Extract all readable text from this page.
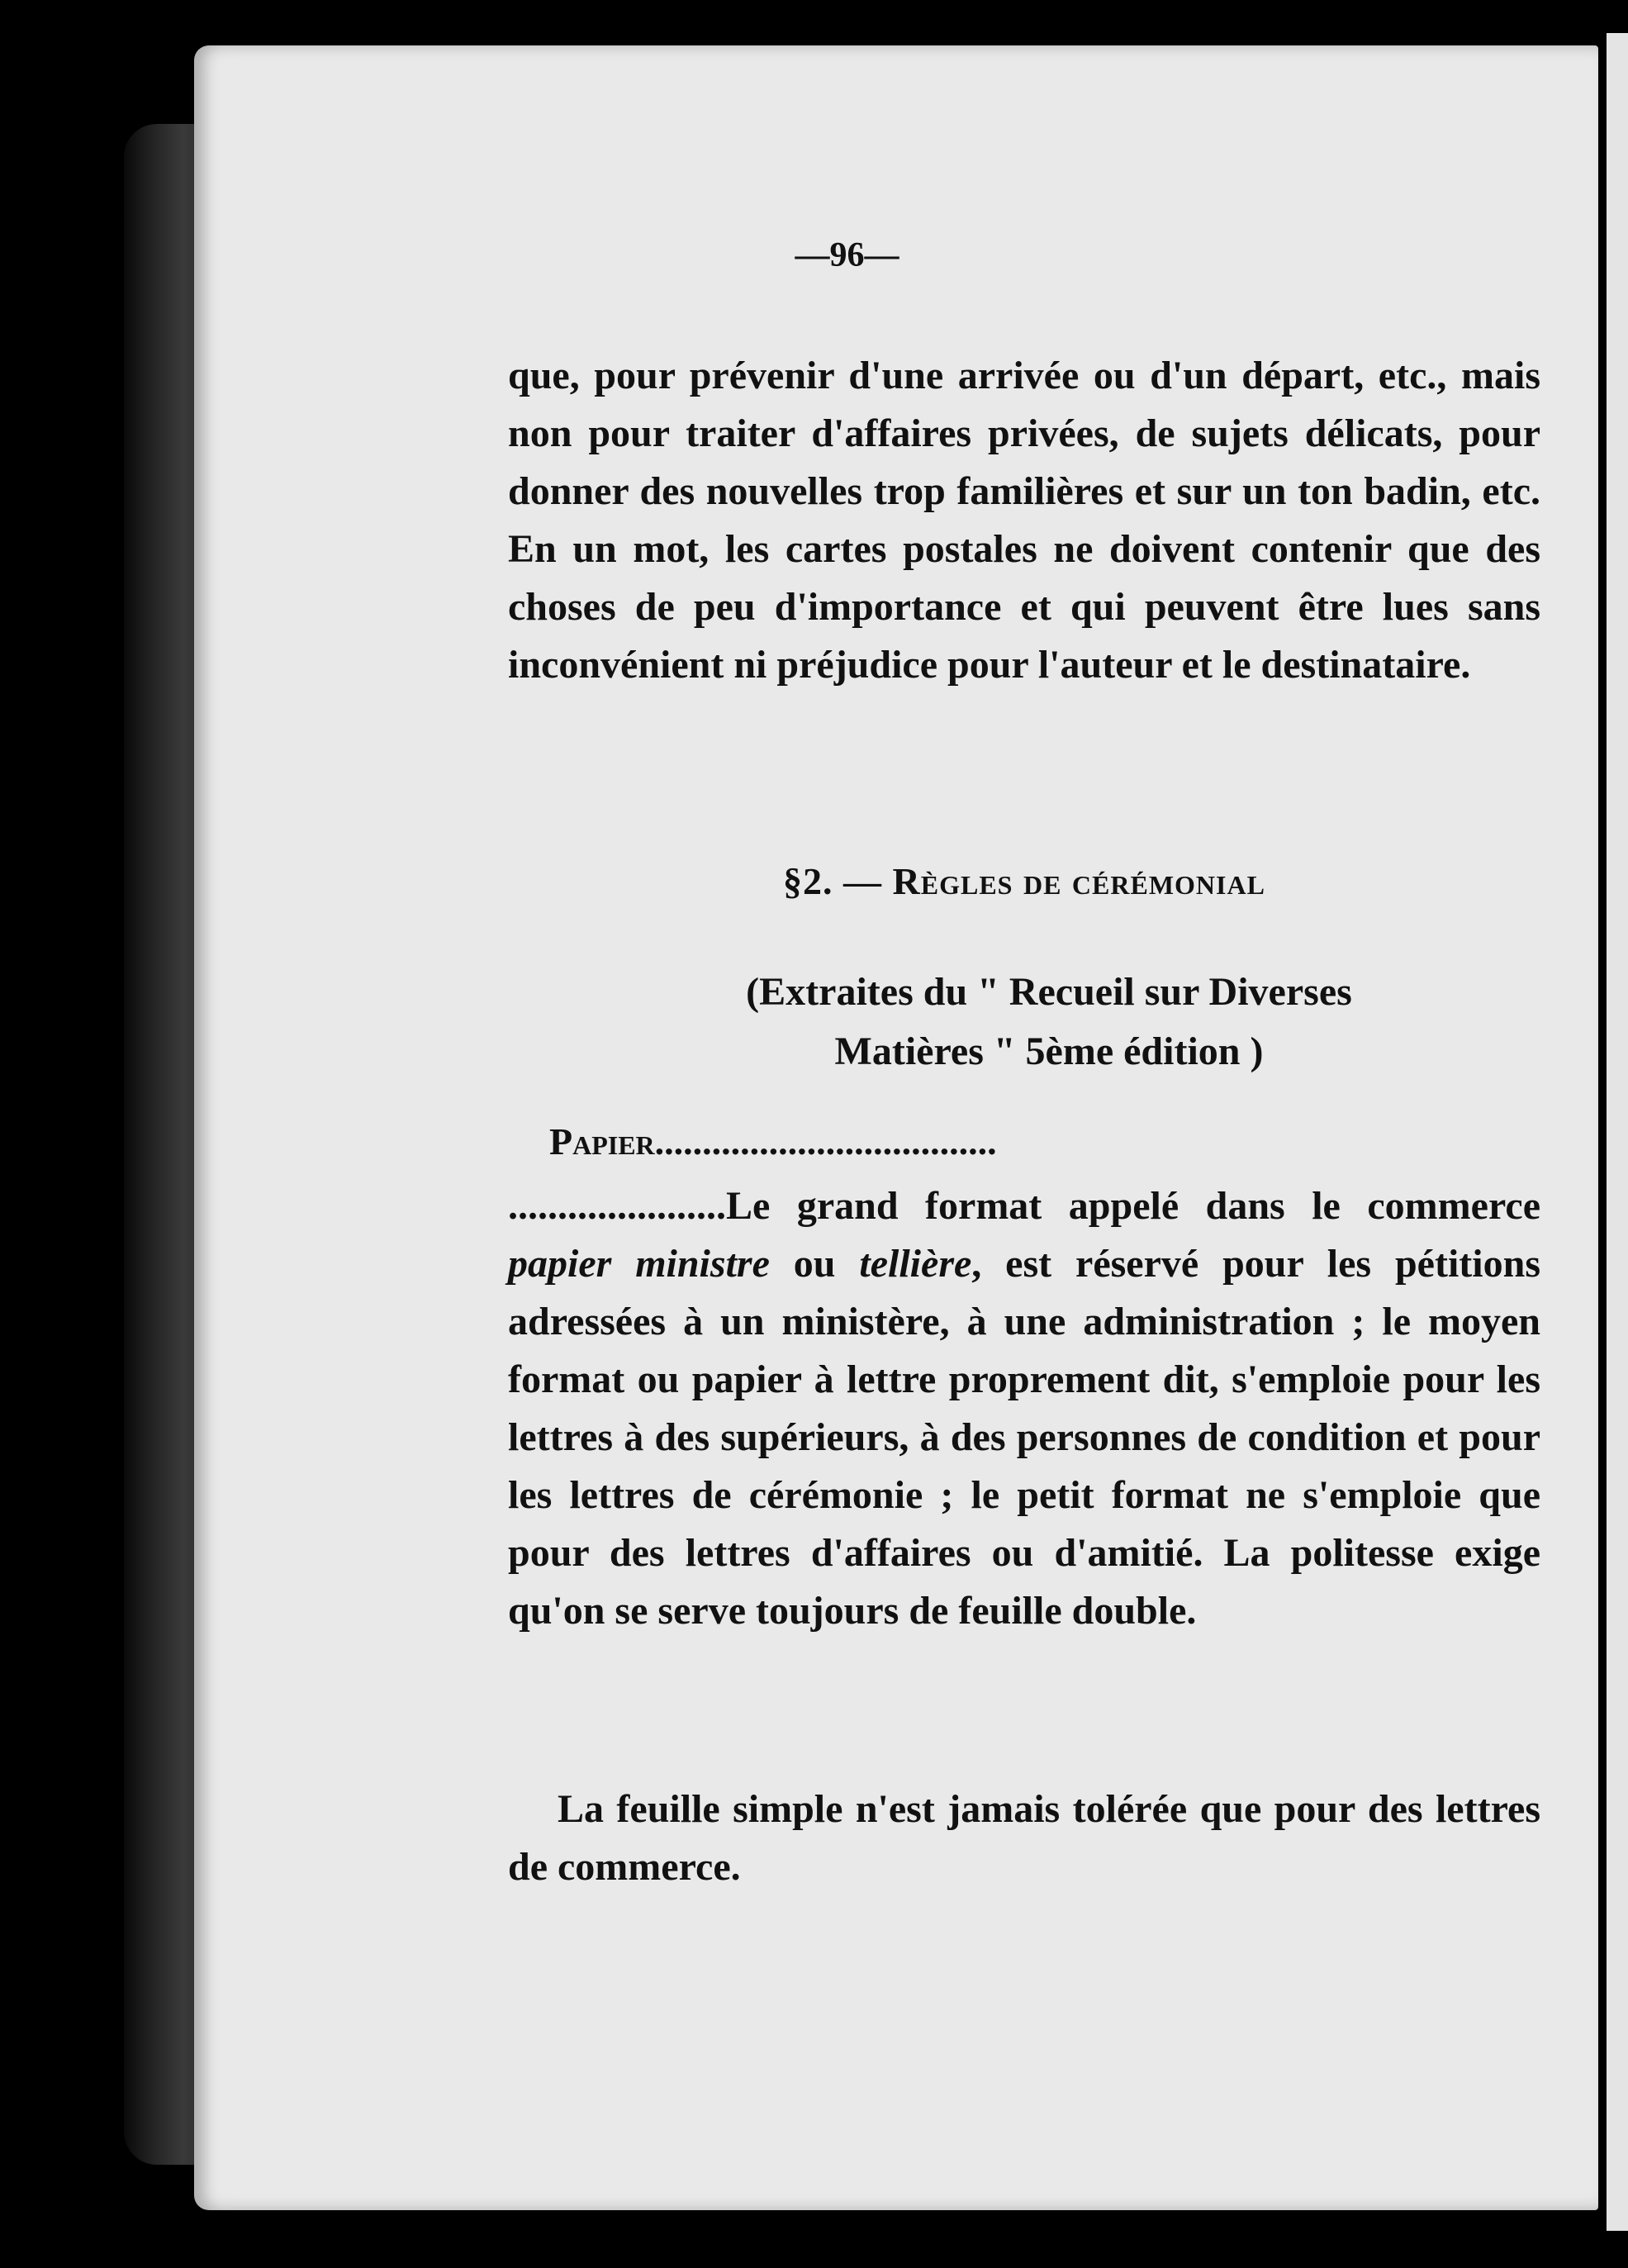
—96—

que, pour prévenir d'une arrivée ou d'un départ, etc., mais non pour traiter d'affaires privées, de sujets délicats, pour donner des nouvelles trop familières et sur un ton badin, etc. En un mot, les cartes postales ne doivent contenir que des choses de peu d'importance et qui peuvent être lues sans inconvénient ni préjudice pour l'auteur et le destinataire.

§2. — Règles de cérémonial
(Extraites du " Recueil sur Diverses
Matières " 5ème édition )
Papier....................................

......................Le grand format appelé dans le commerce papier ministre ou tellière, est réservé pour les pétitions adressées à un ministère, à une administration ; le moyen format ou papier à lettre proprement dit, s'emploie pour les lettres à des supérieurs, à des personnes de condition et pour les lettres de cérémonie ; le petit format ne s'emploie que pour des lettres d'affaires ou d'amitié. La politesse exige qu'on se serve toujours de feuille double.

La feuille simple n'est jamais tolérée que pour des lettres de commerce.
